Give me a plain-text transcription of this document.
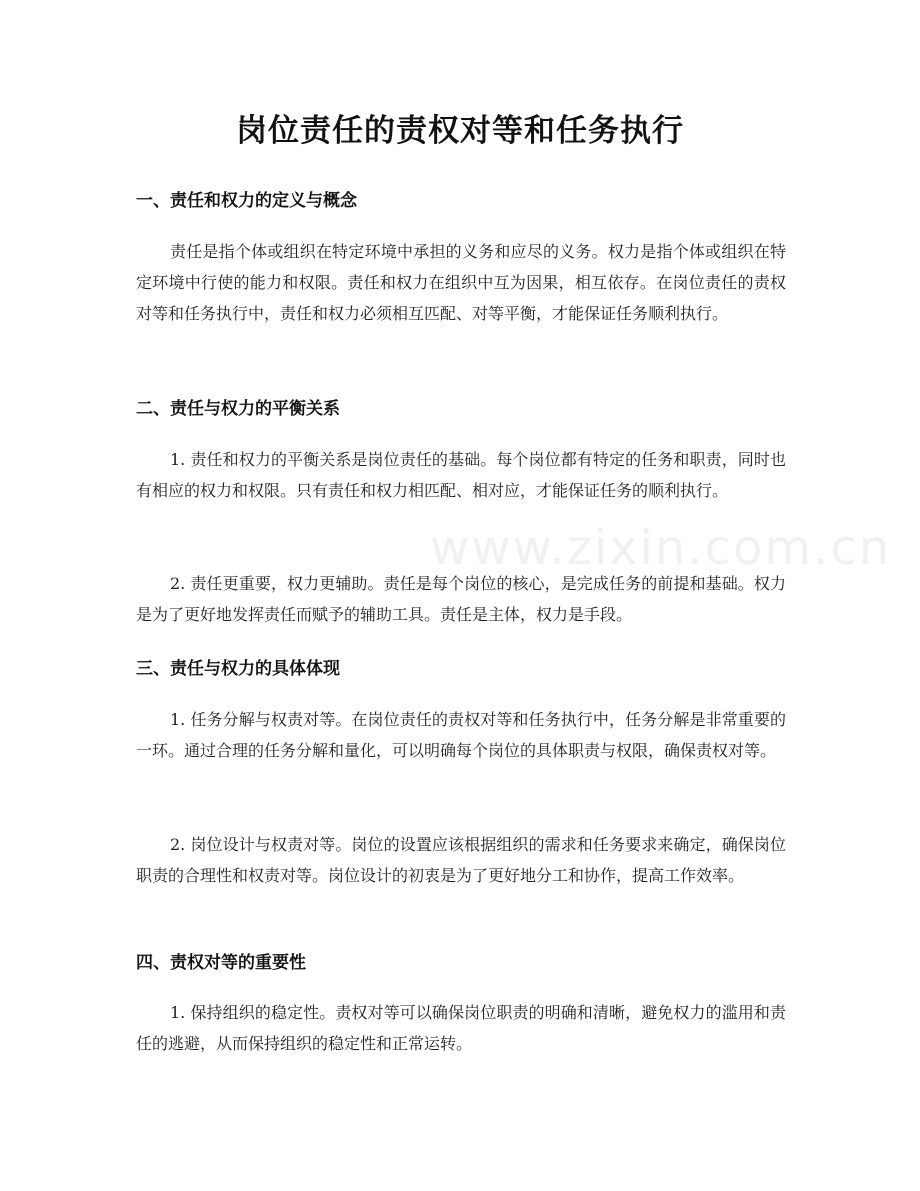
www.zixin.com.cn
岗位责任的责权对等和任务执行
一、责任和权力的定义与概念

责任是指个体或组织在特定环境中承担的义务和应尽的义务。权力是指个体或组织在特定环境中行使的能力和权限。责任和权力在组织中互为因果，相互依存。在岗位责任的责权对等和任务执行中，责任和权力必须相互匹配、对等平衡，才能保证任务顺利执行。

二、责任与权力的平衡关系

1. 责任和权力的平衡关系是岗位责任的基础。每个岗位都有特定的任务和职责，同时也有相应的权力和权限。只有责任和权力相匹配、相对应，才能保证任务的顺利执行。

2. 责任更重要，权力更辅助。责任是每个岗位的核心，是完成任务的前提和基础。权力是为了更好地发挥责任而赋予的辅助工具。责任是主体，权力是手段。

三、责任与权力的具体体现

1. 任务分解与权责对等。在岗位责任的责权对等和任务执行中，任务分解是非常重要的一环。通过合理的任务分解和量化，可以明确每个岗位的具体职责与权限，确保责权对等。

2. 岗位设计与权责对等。岗位的设置应该根据组织的需求和任务要求来确定，确保岗位职责的合理性和权责对等。岗位设计的初衷是为了更好地分工和协作，提高工作效率。

四、责权对等的重要性

1. 保持组织的稳定性。责权对等可以确保岗位职责的明确和清晰，避免权力的滥用和责任的逃避，从而保持组织的稳定性和正常运转。
